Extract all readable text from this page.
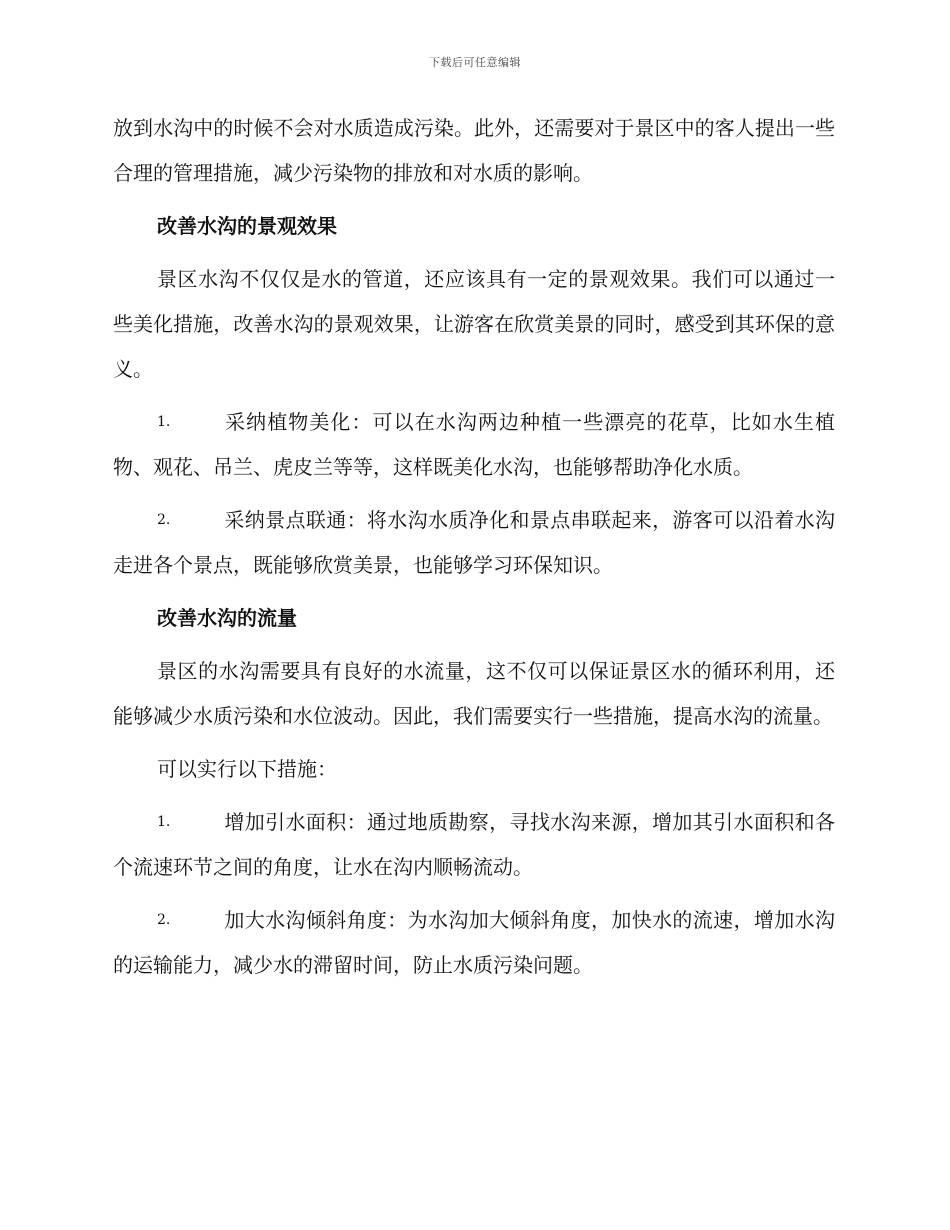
下载后可任意编辑

放到水沟中的时候不会对水质造成污染。此外，还需要对于景区中的客人提出一些合理的管理措施，减少污染物的排放和对水质的影响。

改善水沟的景观效果

景区水沟不仅仅是水的管道，还应该具有一定的景观效果。我们可以通过一些美化措施，改善水沟的景观效果，让游客在欣赏美景的同时，感受到其环保的意义。

1.	采纳植物美化：可以在水沟两边种植一些漂亮的花草，比如水生植物、观花、吊兰、虎皮兰等等，这样既美化水沟，也能够帮助净化水质。

2.	采纳景点联通：将水沟水质净化和景点串联起来，游客可以沿着水沟走进各个景点，既能够欣赏美景，也能够学习环保知识。

改善水沟的流量

景区的水沟需要具有良好的水流量，这不仅可以保证景区水的循环利用，还能够减少水质污染和水位波动。因此，我们需要实行一些措施，提高水沟的流量。

可以实行以下措施：

1.	增加引水面积：通过地质勘察，寻找水沟来源，增加其引水面积和各个流速环节之间的角度，让水在沟内顺畅流动。

2.	加大水沟倾斜角度：为水沟加大倾斜角度，加快水的流速，增加水沟的运输能力，减少水的滞留时间，防止水质污染问题。
